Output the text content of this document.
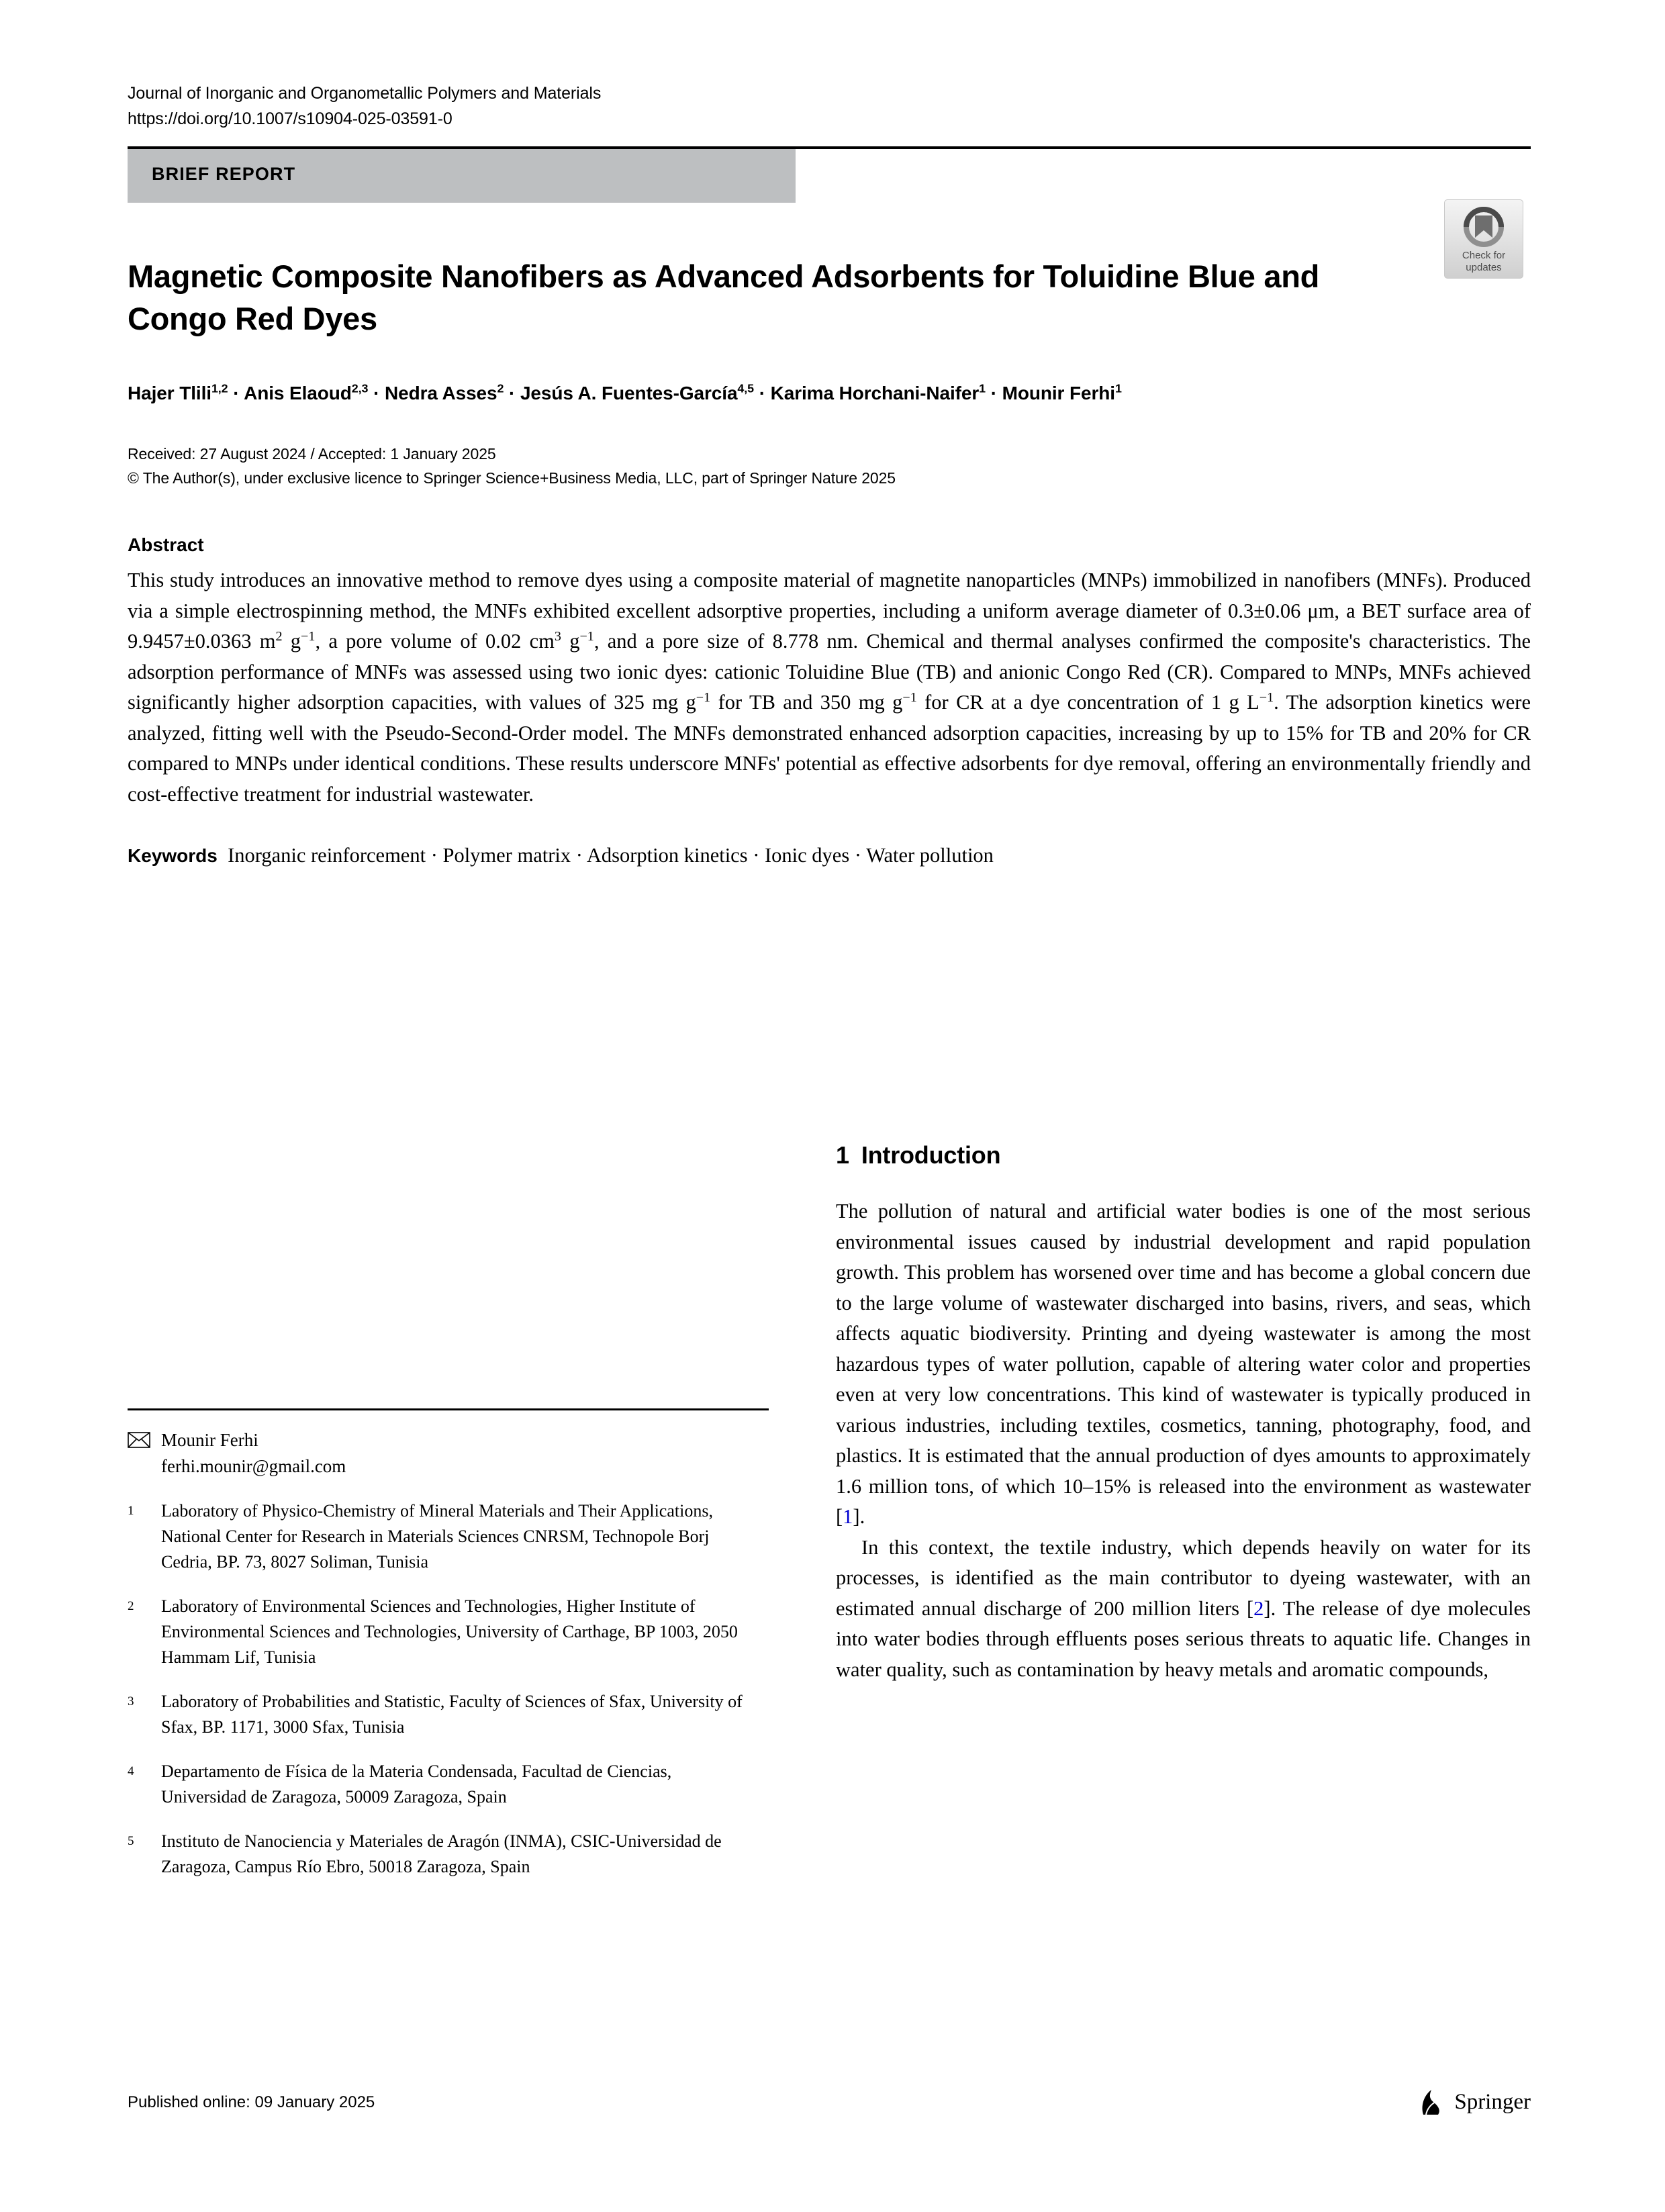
Journal of Inorganic and Organometallic Polymers and Materials
https://doi.org/10.1007/s10904-025-03591-0
BRIEF REPORT
Magnetic Composite Nanofibers as Advanced Adsorbents for Toluidine Blue and Congo Red Dyes
Hajer Tlili$^{1,2}$ · Anis Elaoud$^{2,3}$ · Nedra Asses$^2$ · Jesús A. Fuentes-García$^{4,5}$ · Karima Horchani-Naifer$^1$ · Mounir Ferhi$^1$
Received: 27 August 2024 / Accepted: 1 January 2025
© The Author(s), under exclusive licence to Springer Science+Business Media, LLC, part of Springer Nature 2025
Abstract
This study introduces an innovative method to remove dyes using a composite material of magnetite nanoparticles (MNPs) immobilized in nanofibers (MNFs). Produced via a simple electrospinning method, the MNFs exhibited excellent adsorptive properties, including a uniform average diameter of 0.3±0.06 μm, a BET surface area of 9.9457±0.0363 $m^2$ $g^{-1}$, a pore volume of 0.02 $cm^3$ $g^{-1}$, and a pore size of 8.778 nm. Chemical and thermal analyses confirmed the composite's characteristics. The adsorption performance of MNFs was assessed using two ionic dyes: cationic Toluidine Blue (TB) and anionic Congo Red (CR). Compared to MNPs, MNFs achieved significantly higher adsorption capacities, with values of 325 mg $g^{-1}$ for TB and 350 mg $g^{-1}$ for CR at a dye concentration of 1 g $L^{-1}$. The adsorption kinetics were analyzed, fitting well with the Pseudo-Second-Order model. The MNFs demonstrated enhanced adsorption capacities, increasing by up to 15% for TB and 20% for CR compared to MNPs under identical conditions. These results underscore MNFs' potential as effective adsorbents for dye removal, offering an environmentally friendly and cost-effective treatment for industrial wastewater.
Keywords Inorganic reinforcement · Polymer matrix · Adsorption kinetics · Ionic dyes · Water pollution
Check for
updates
Mounir Ferhi
ferhi.mounir@gmail.com
1	Laboratory of Physico-Chemistry of Mineral Materials and Their Applications, National Center for Research in Materials Sciences CNRSM, Technopole Borj Cedria, BP. 73, 8027 Soliman, Tunisia
2	Laboratory of Environmental Sciences and Technologies, Higher Institute of Environmental Sciences and Technologies, University of Carthage, BP 1003, 2050 Hammam Lif, Tunisia
3	Laboratory of Probabilities and Statistic, Faculty of Sciences of Sfax, University of Sfax, BP. 1171, 3000 Sfax, Tunisia
4	Departamento de Física de la Materia Condensada, Facultad de Ciencias, Universidad de Zaragoza, 50009 Zaragoza, Spain
5	Instituto de Nanociencia y Materiales de Aragón (INMA), CSIC-Universidad de Zaragoza, Campus Río Ebro, 50018 Zaragoza, Spain
1 Introduction
The pollution of natural and artificial water bodies is one of the most serious environmental issues caused by industrial development and rapid population growth. This problem has worsened over time and has become a global concern due to the large volume of wastewater discharged into basins, rivers, and seas, which affects aquatic biodiversity. Printing and dyeing wastewater is among the most hazardous types of water pollution, capable of altering water color and properties even at very low concentrations. This kind of wastewater is typically produced in various industries, including textiles, cosmetics, tanning, photography, food, and plastics. It is estimated that the annual production of dyes amounts to approximately 1.6 million tons, of which 10–15% is released into the environment as wastewater [1].
In this context, the textile industry, which depends heavily on water for its processes, is identified as the main contributor to dyeing wastewater, with an estimated annual discharge of 200 million liters [2]. The release of dye molecules into water bodies through effluents poses serious threats to aquatic life. Changes in water quality, such as contamination by heavy metals and aromatic compounds,
Published online: 09 January 2025	Springer
